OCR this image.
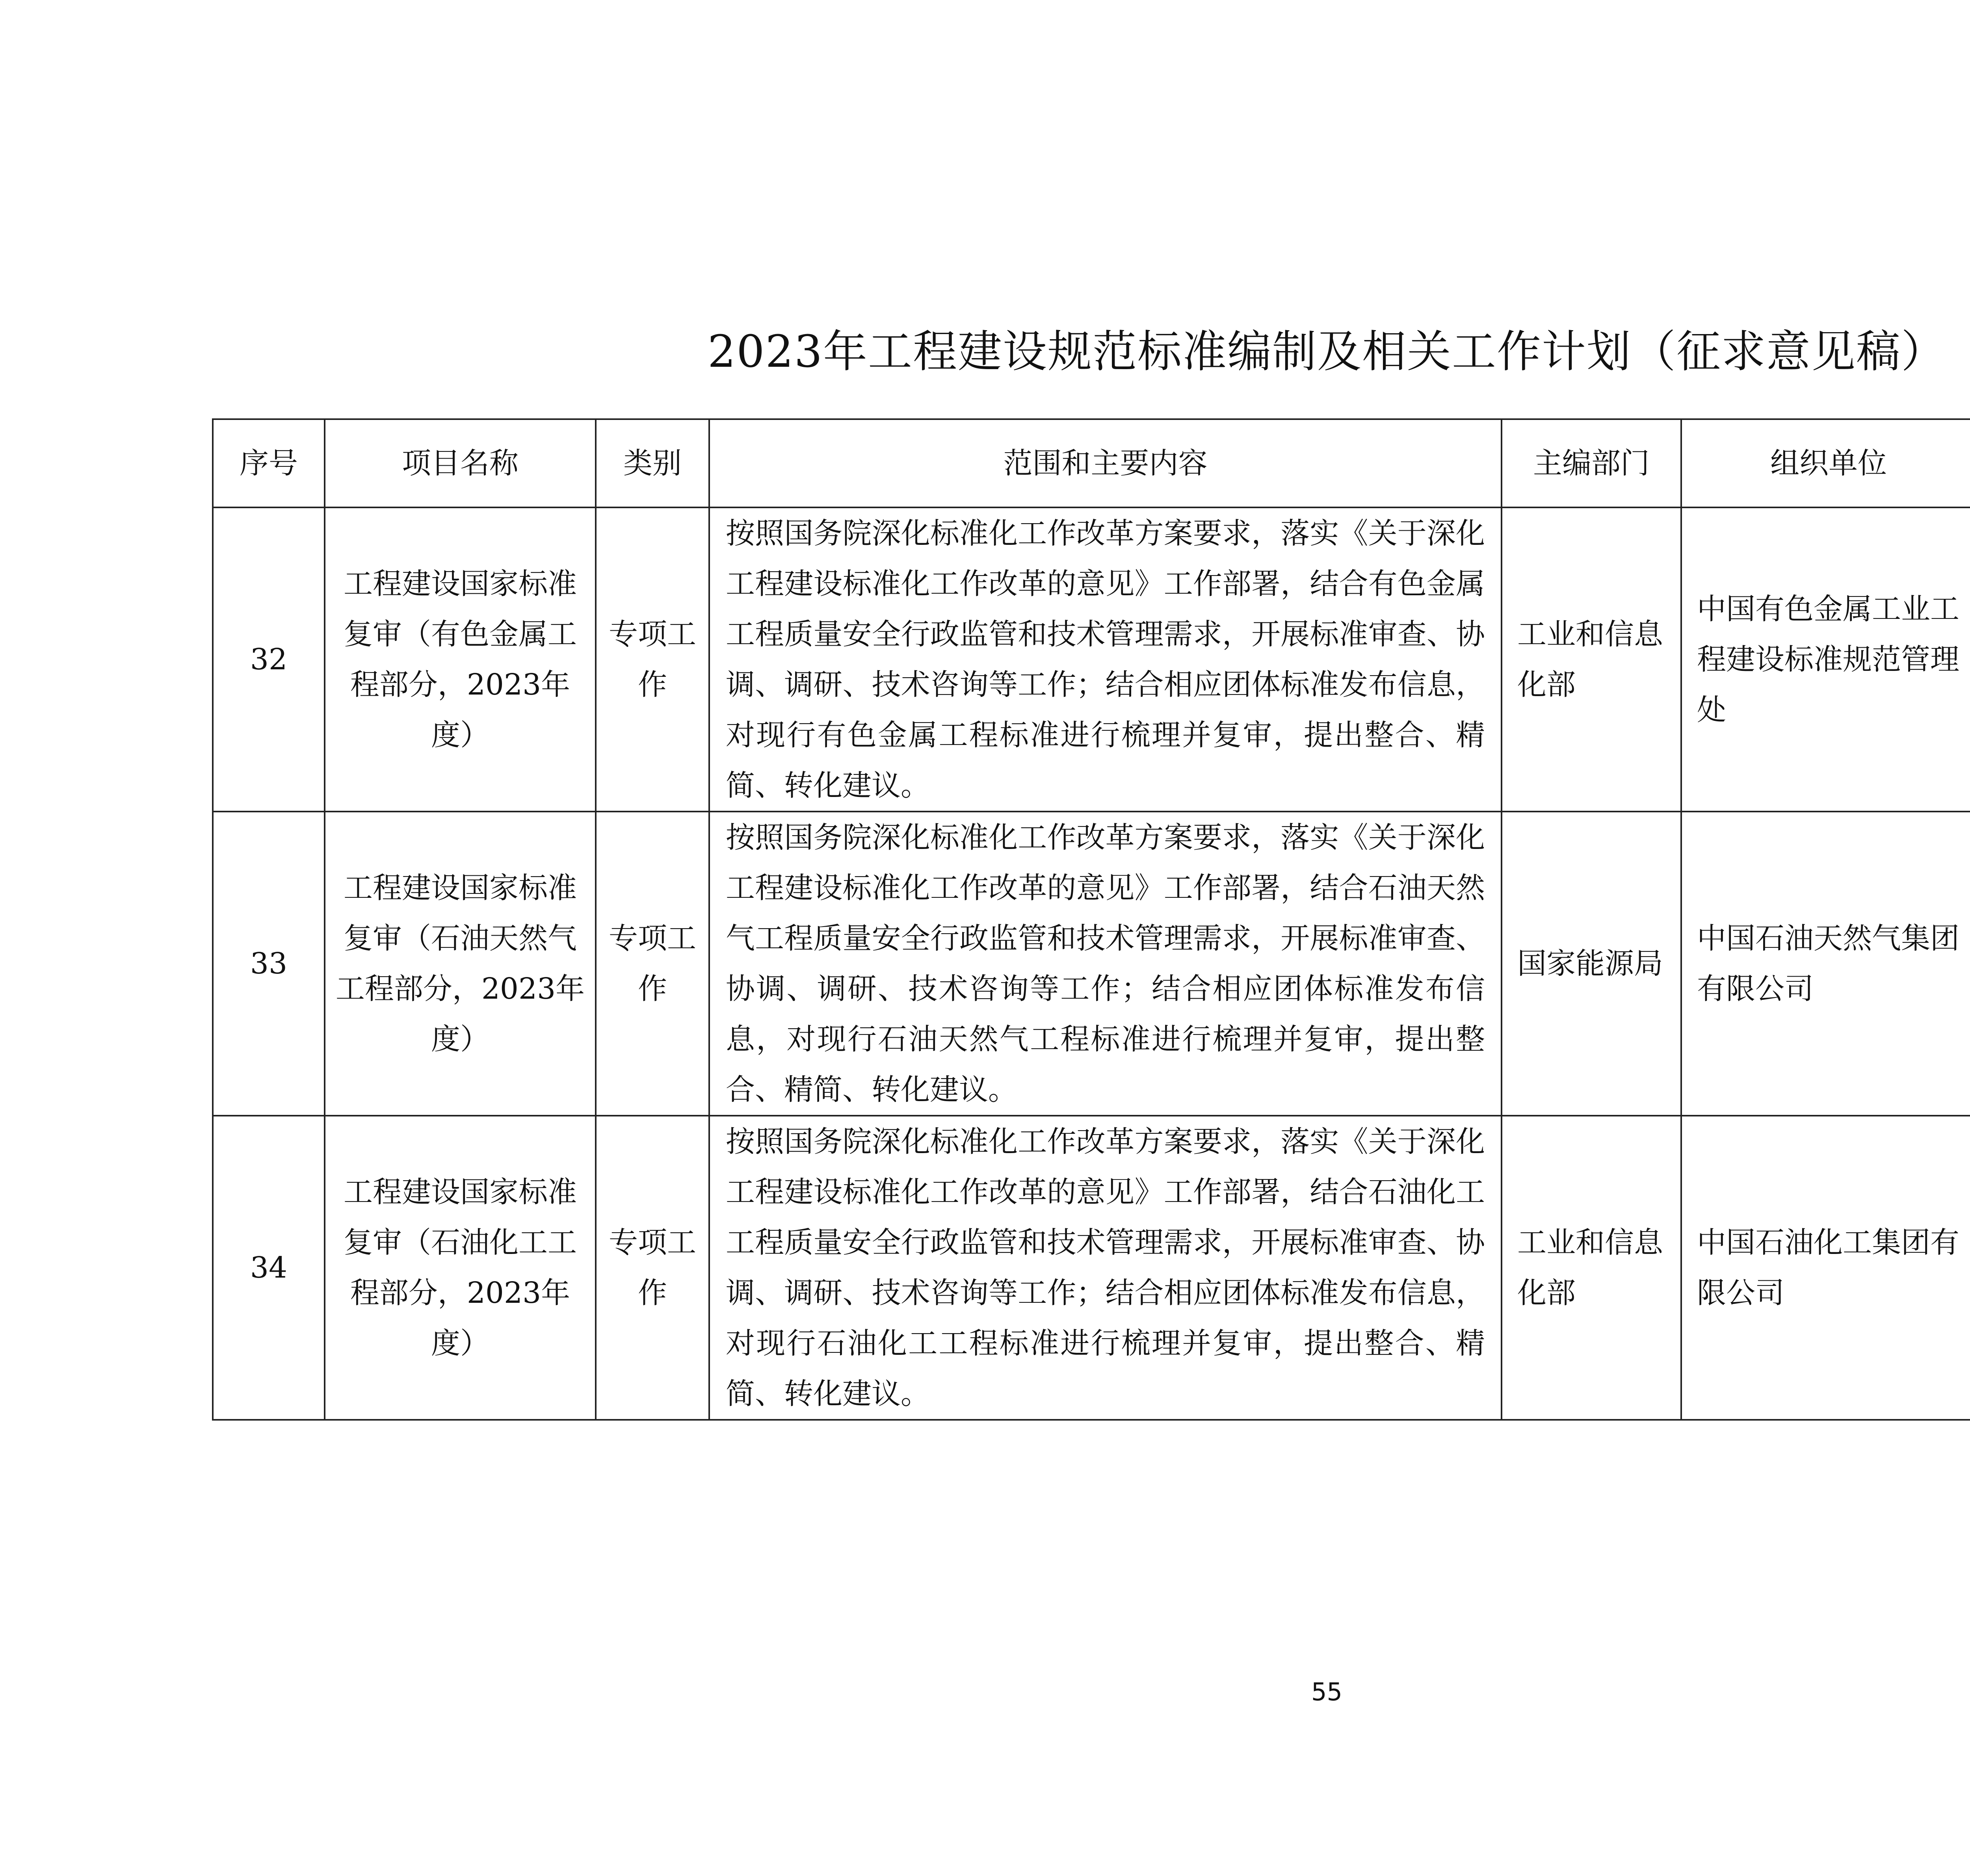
2023年工程建设规范标准编制及相关工作计划（征求意见稿）
序号	项目名称	类别	范围和主要内容	主编部门	组织单位		
32	工程建设国家标准复审（有色金属工程部分，2023年度）	专项工作	按照国务院深化标准化工作改革方案要求，落实《关于深化工程建设标准化工作改革的意见》工作部署，结合有色金属工程质量安全行政监管和技术管理需求，开展标准审查、协调、调研、技术咨询等工作；结合相应团体标准发布信息，对现行有色金属工程标准进行梳理并复审，提出整合、精简、转化建议。	工业和信息化部	中国有色金属工业工程建设标准规范管理处		
33	工程建设国家标准复审（石油天然气工程部分，2023年度）	专项工作	按照国务院深化标准化工作改革方案要求，落实《关于深化工程建设标准化工作改革的意见》工作部署，结合石油天然气工程质量安全行政监管和技术管理需求，开展标准审查、协调、调研、技术咨询等工作；结合相应团体标准发布信息，对现行石油天然气工程标准进行梳理并复审，提出整合、精简、转化建议。	国家能源局	中国石油天然气集团有限公司		
34	工程建设国家标准复审（石油化工工程部分，2023年度）	专项工作	按照国务院深化标准化工作改革方案要求，落实《关于深化工程建设标准化工作改革的意见》工作部署，结合石油化工工程质量安全行政监管和技术管理需求，开展标准审查、协调、调研、技术咨询等工作；结合相应团体标准发布信息，对现行石油化工工程标准进行梳理并复审，提出整合、精简、转化建议。	工业和信息化部	中国石油化工集团有限公司		
55
